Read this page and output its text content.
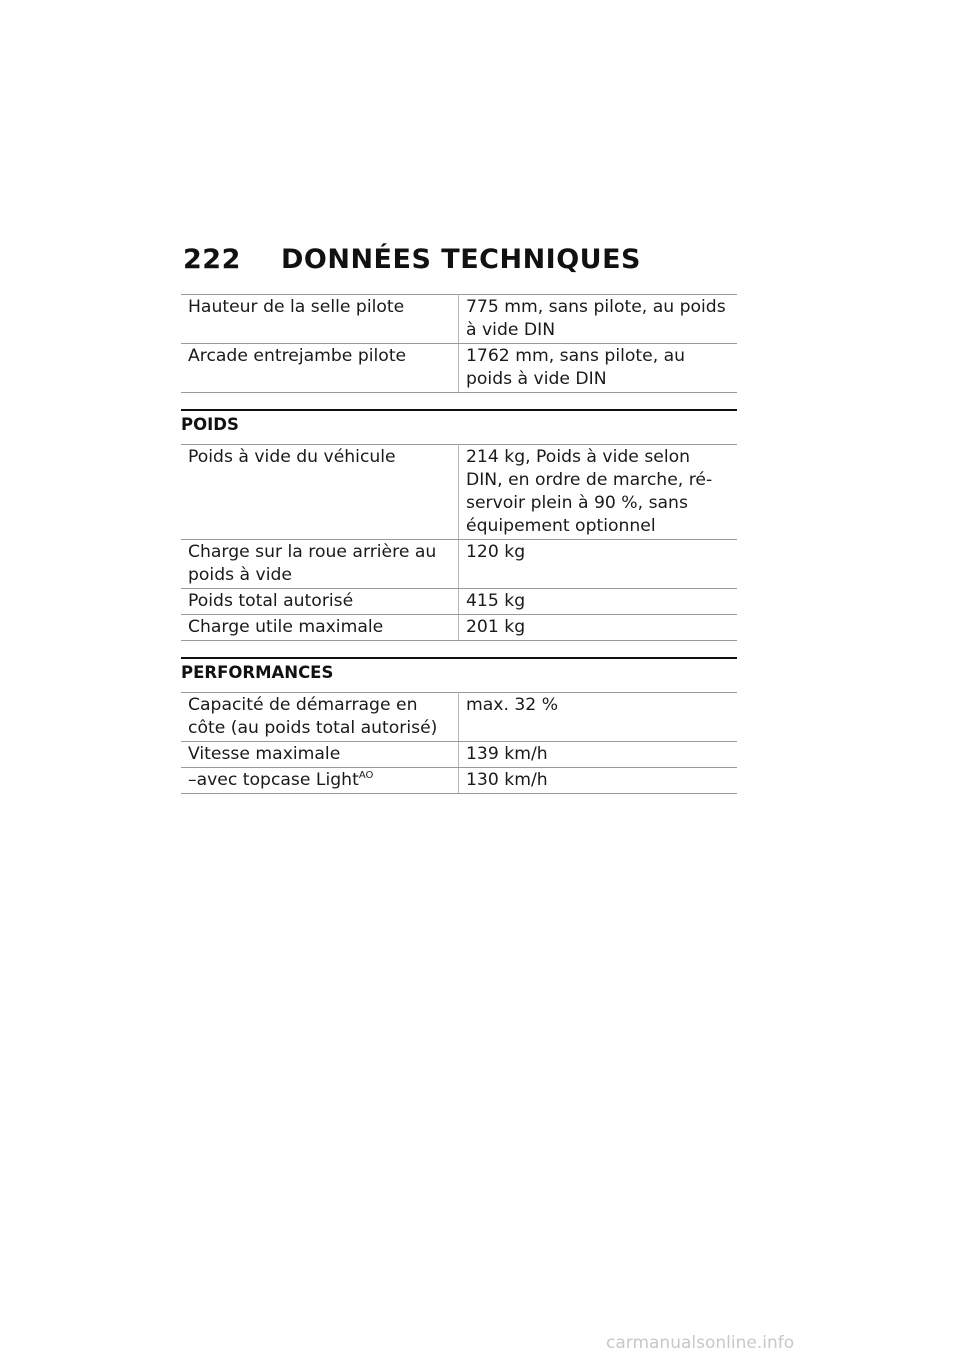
222 DONNÉES TECHNIQUES
Hauteur de la selle pilote	775 mm, sans pilote, au poids à vide DIN
Arcade entrejambe pilote	1762 mm, sans pilote, au poids à vide DIN
POIDS
Poids à vide du véhicule	214 kg, Poids à vide selon DIN, en ordre de marche, ré-servoir plein à 90 %, sans équipement optionnel
Charge sur la roue arrière au poids à vide	120 kg
Poids total autorisé	415 kg
Charge utile maximale	201 kg
PERFORMANCES
Capacité de démarrage en côte (au poids total autorisé)	max. 32 %
Vitesse maximale	139 km/h
–avec topcase Light$^{AO}$	130 km/h
carmanualsonline.info
